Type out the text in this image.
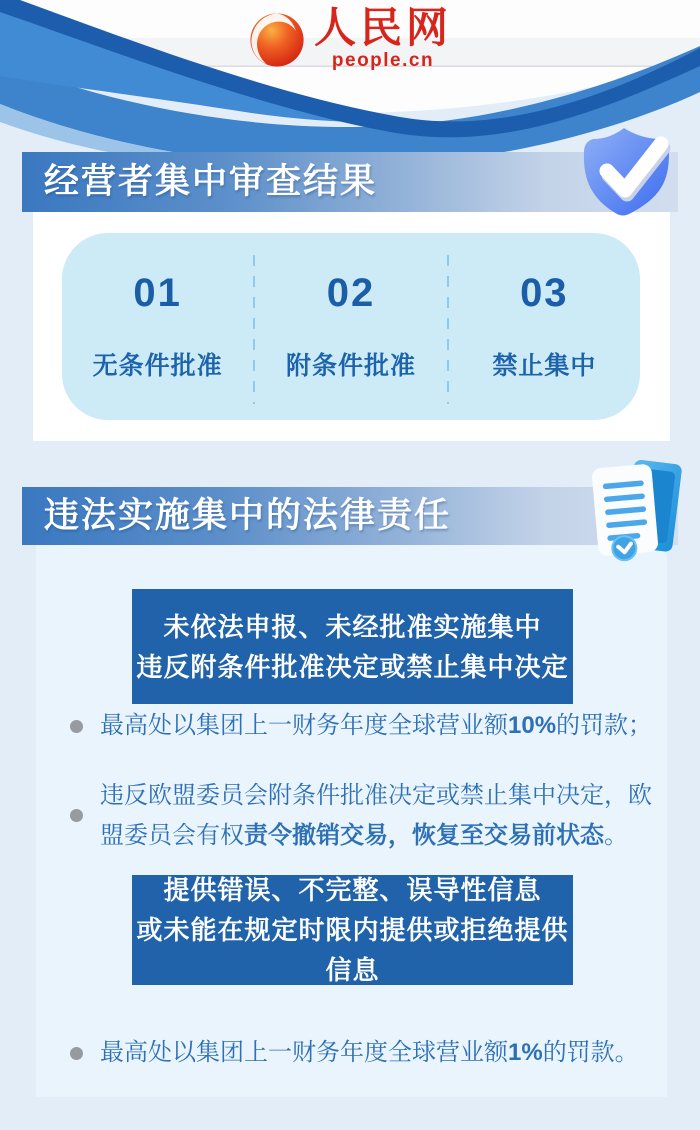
人民网
people.cn
经营者集中审查结果
01
无条件批准
02
附条件批准
03
禁止集中
违法实施集中的法律责任
未依法申报、未经批准实施集中
违反附条件批准决定或禁止集中决定

最高处以集团上一财务年度全球营业额10%的罚款；

违反欧盟委员会附条件批准决定或禁止集中决定，欧盟委员会有权责令撤销交易，恢复至交易前状态。

提供错误、不完整、误导性信息
或未能在规定时限内提供或拒绝提供信息

最高处以集团上一财务年度全球营业额1%的罚款。
